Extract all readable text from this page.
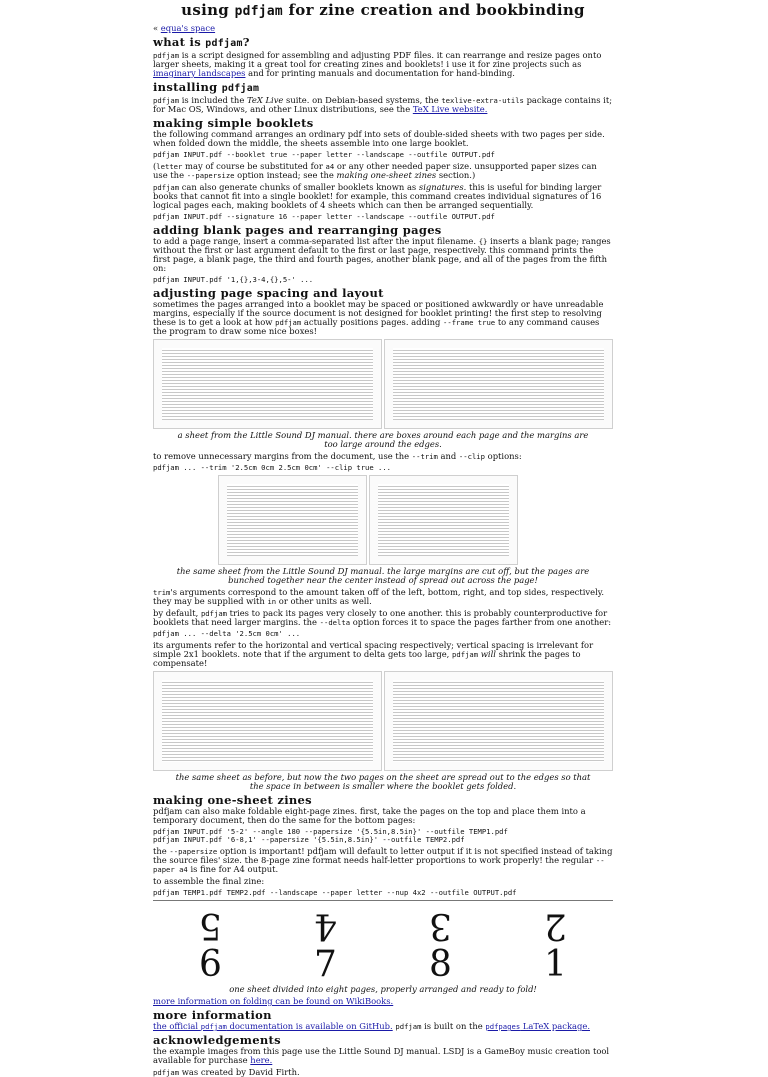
using pdfjam for zine creation and bookbinding
« equa's space
what is pdfjam?

pdfjam is a script designed for assembling and adjusting PDF files. it can rearrange and resize pages onto larger sheets, making it a great tool for creating zines and booklets! i use it for zine projects such as imaginary landscapes and for printing manuals and documentation for hand-binding.

installing pdfjam

pdfjam is included the TeX Live suite. on Debian-based systems, the texlive-extra-utils package contains it; for Mac OS, Windows, and other Linux distributions, see the TeX Live website.

making simple booklets

the following command arranges an ordinary pdf into sets of double-sided sheets with two pages per side. when folded down the middle, the sheets assemble into one large booklet.

pdfjam INPUT.pdf --booklet true --paper letter --landscape --outfile OUTPUT.pdf

(letter may of course be substituted for a4 or any other needed paper size. unsupported paper sizes can use the --papersize option instead; see the making one-sheet zines section.)

pdfjam can also generate chunks of smaller booklets known as signatures. this is useful for binding larger books that cannot fit into a single booklet! for example, this command creates individual signatures of 16 logical pages each, making booklets of 4 sheets which can then be arranged sequentially.

pdfjam INPUT.pdf --signature 16 --paper letter --landscape --outfile OUTPUT.pdf
adding blank pages and rearranging pages

to add a page range, insert a comma-separated list after the input filename. {} inserts a blank page; ranges without the first or last argument default to the first or last page, respectively. this command prints the first page, a blank page, the third and fourth pages, another blank page, and all of the pages from the fifth on:

pdfjam INPUT.pdf '1,{},3-4,{},5-' ...
adjusting page spacing and layout

sometimes the pages arranged into a booklet may be spaced or positioned awkwardly or have unreadable margins, especially if the source document is not designed for booklet printing! the first step to resolving these is to get a look at how pdfjam actually positions pages. adding --frame true to any command causes the program to draw some nice boxes!

a sheet from the Little Sound DJ manual. there are boxes around each page and the margins are too large around the edges.

to remove unnecessary margins from the document, use the --trim and --clip options:

pdfjam ... --trim '2.5cm 0cm 2.5cm 0cm' --clip true ...
the same sheet from the Little Sound DJ manual. the large margins are cut off, but the pages are bunched together near the center instead of spread out across the page!

trim's arguments correspond to the amount taken off of the left, bottom, right, and top sides, respectively. they may be supplied with in or other units as well.

by default, pdfjam tries to pack its pages very closely to one another. this is probably counterproductive for booklets that need larger margins. the --delta option forces it to space the pages farther from one another:

pdfjam ... --delta '2.5cm 0cm' ...

its arguments refer to the horizontal and vertical spacing respectively; vertical spacing is irrelevant for simple 2x1 booklets. note that if the argument to delta gets too large, pdfjam will shrink the pages to compensate!

the same sheet as before, but now the two pages on the sheet are spread out to the edges so that the space in between is smaller where the booklet gets folded.
making one-sheet zines

pdfjam can also make foldable eight-page zines. first, take the pages on the top and place them into a temporary document, then do the same for the bottom pages:

pdfjam INPUT.pdf '5-2' --angle 180 --papersize '{5.5in,8.5in}' --outfile TEMP1.pdf
pdfjam INPUT.pdf '6-8,1' --papersize '{5.5in,8.5in}' --outfile TEMP2.pdf

the --papersize option is important! pdfjam will default to letter output if it is not specified instead of taking the source files' size. the 8-page zine format needs half-letter proportions to work properly! the regular --paper a4 is fine for A4 output.

to assemble the final zine:

pdfjam TEMP1.pdf TEMP2.pdf --landscape --paper letter --nup 4x2 --outfile OUTPUT.pdf
5	4	3	2
6	7	8	1
one sheet divided into eight pages, properly arranged and ready to fold!

more information on folding can be found on WikiBooks.

more information

the official pdfjam documentation is available on GitHub. pdfjam is built on the pdfpages LaTeX package.

acknowledgements

the example images from this page use the Little Sound DJ manual. LSDJ is a GameBoy music creation tool available for purchase here.

pdfjam was created by David Firth.
